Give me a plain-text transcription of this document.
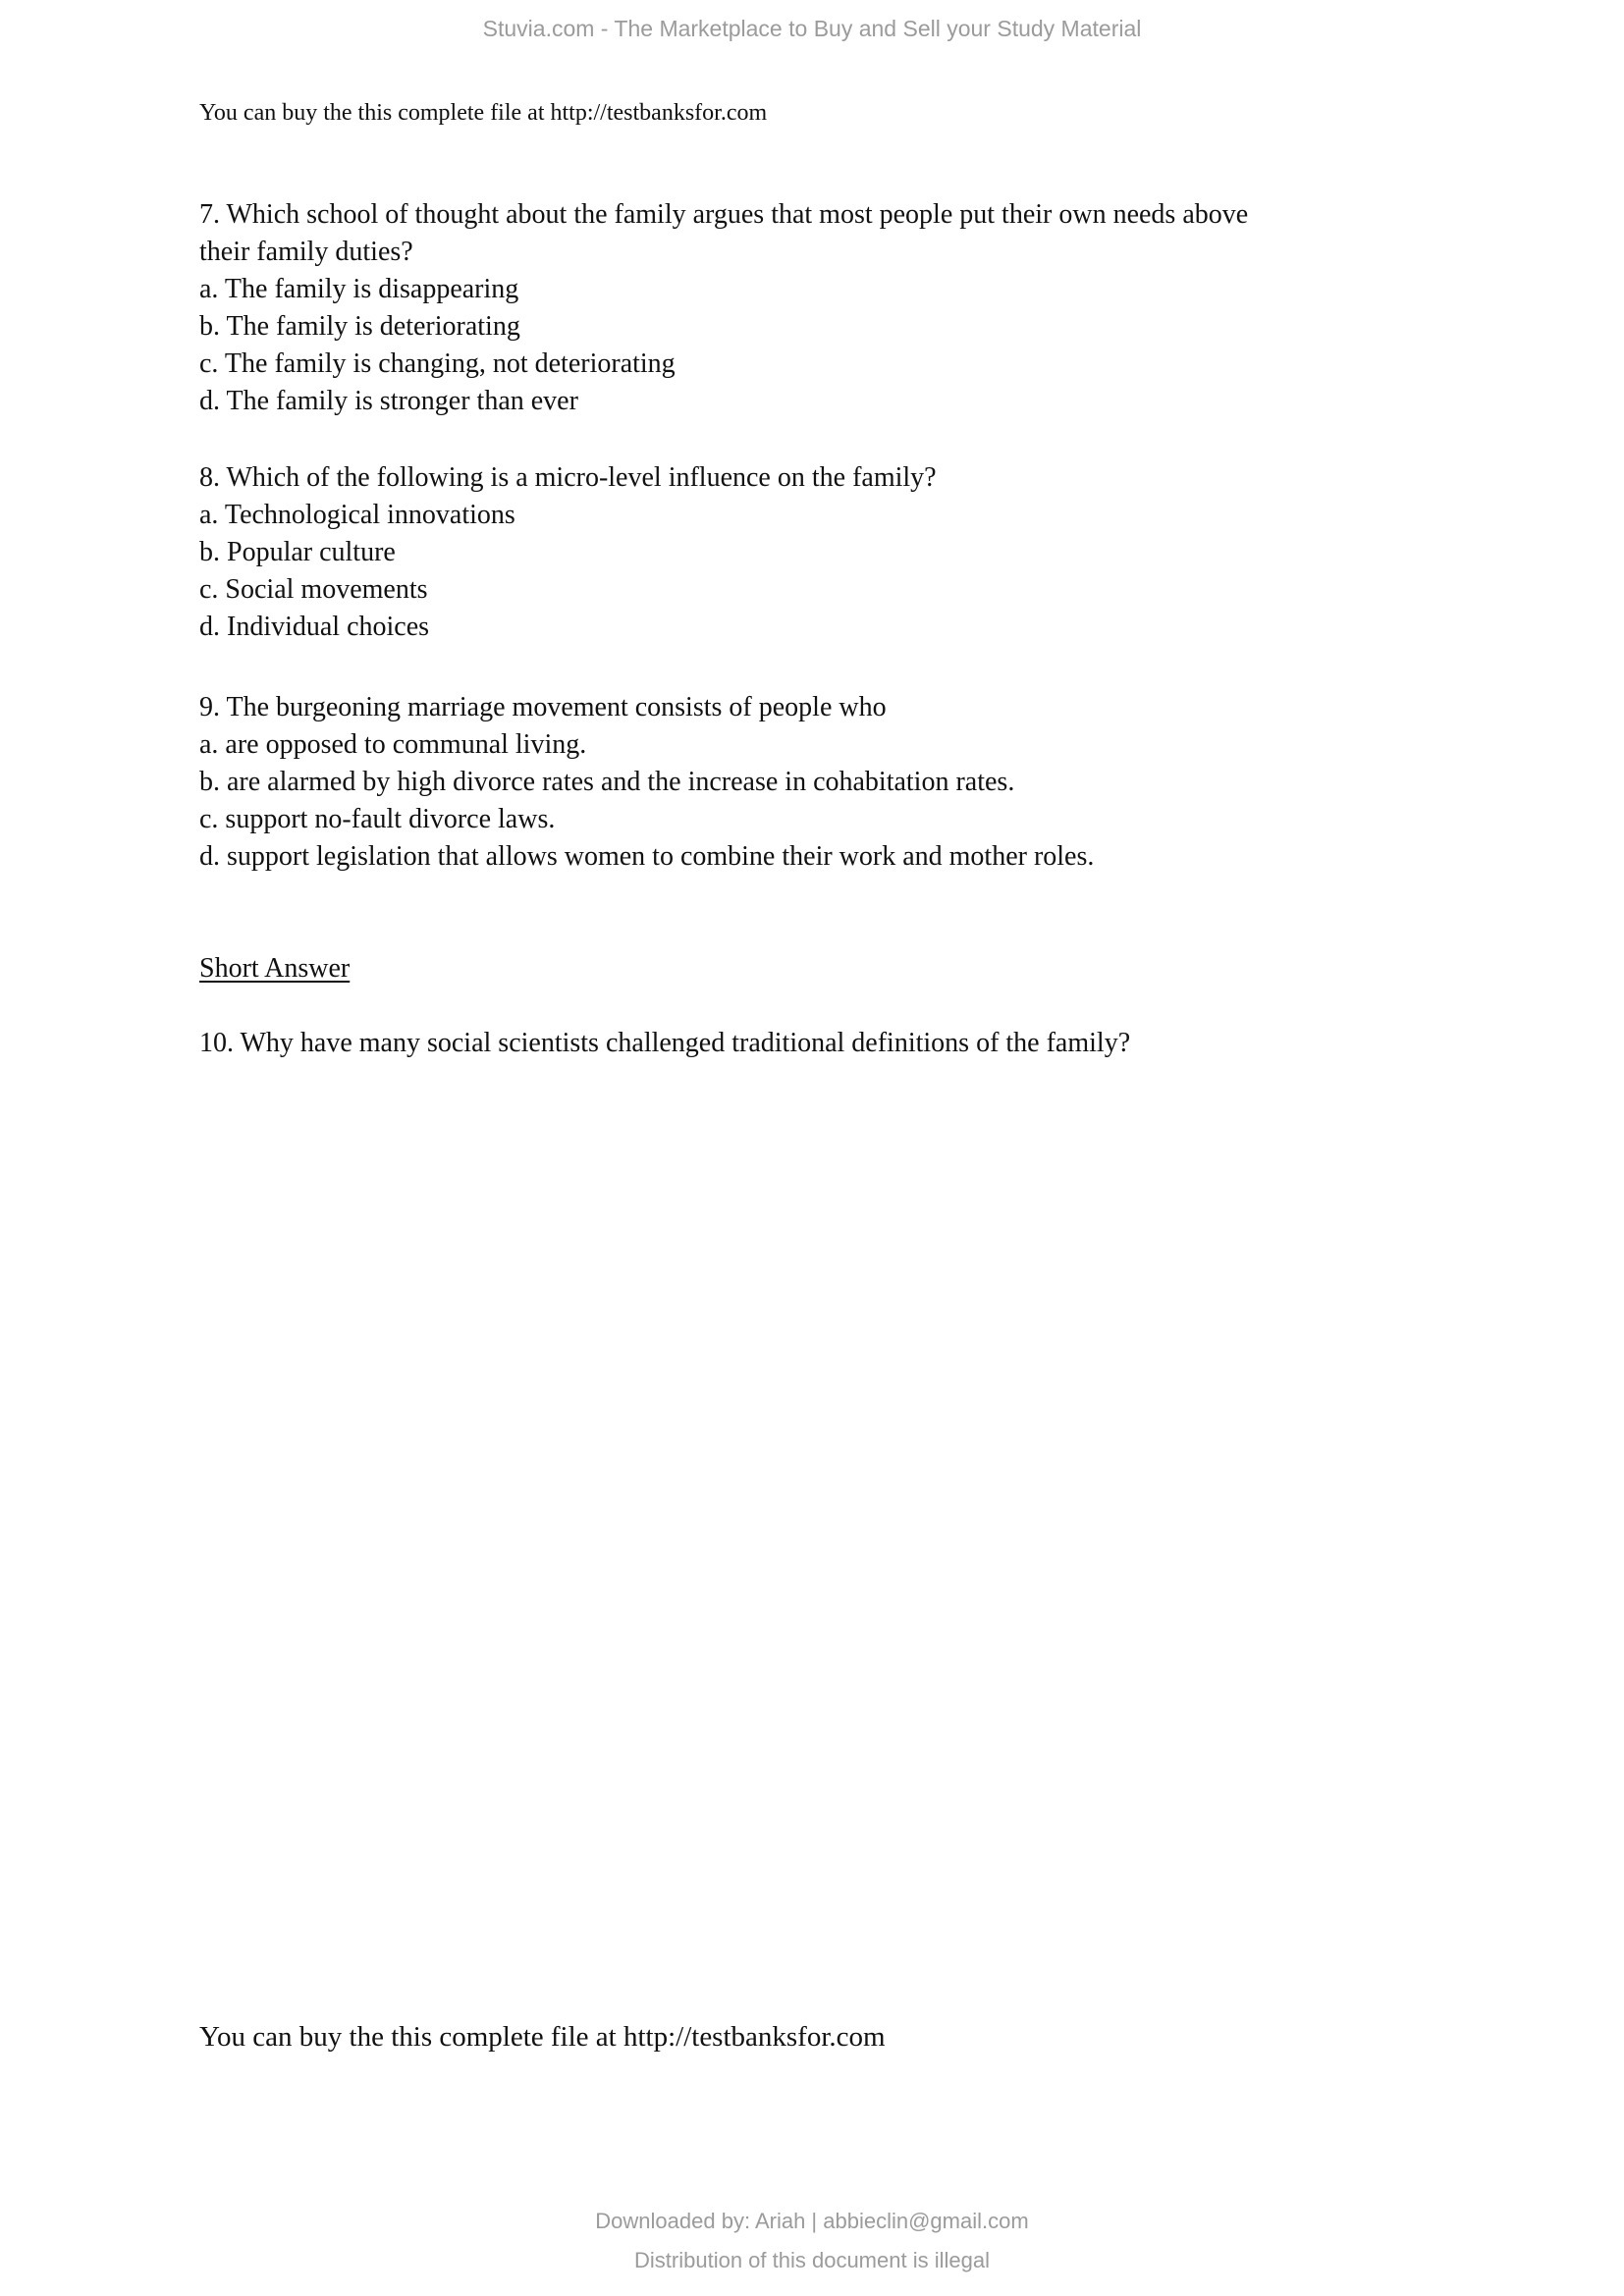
Stuvia.com - The Marketplace to Buy and Sell your Study Material
You can buy the this complete file at http://testbanksfor.com
7. Which school of thought about the family argues that most people put their own needs above
their family duties?
a. The family is disappearing
b. The family is deteriorating
c. The family is changing, not deteriorating
d. The family is stronger than ever
8. Which of the following is a micro-level influence on the family?
a. Technological innovations
b. Popular culture
c. Social movements
d. Individual choices
9. The burgeoning marriage movement consists of people who
a. are opposed to communal living.
b. are alarmed by high divorce rates and the increase in cohabitation rates.
c. support no-fault divorce laws.
d. support legislation that allows women to combine their work and mother roles.
Short Answer
10. Why have many social scientists challenged traditional definitions of the family?
You can buy the this complete file at http://testbanksfor.com
Downloaded by: Ariah | abbieclin@gmail.com
Distribution of this document is illegal
